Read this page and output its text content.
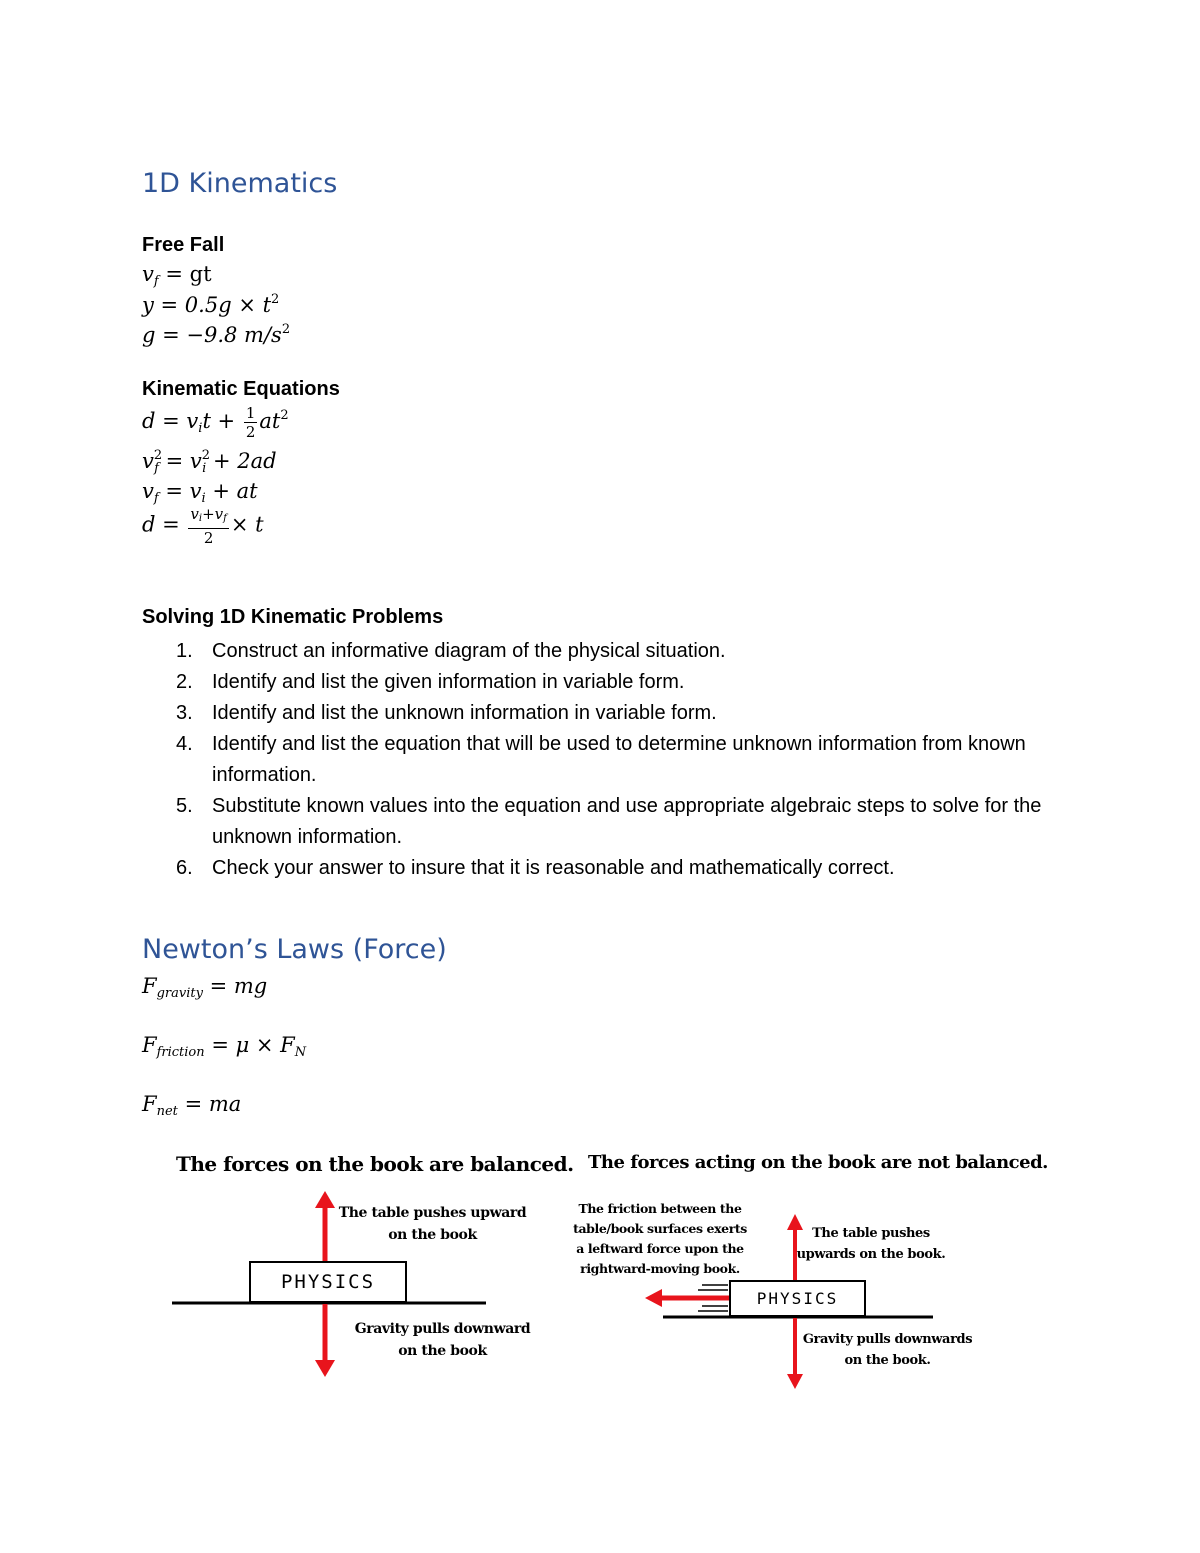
1D Kinematics
Free Fall
$v_f$ = gt
$y = 0.5g \times t^2$
g = −9.8 $m/s^2$
Kinematic Equations
$d = v_it + \frac{1}{2} at^2$
$v^2_f = v^2_i + 2ad$
$v_f = v_i$ + at
$d = \frac{v_i+v_f}{2} \times t$
Solving 1D Kinematic Problems
1. Construct an informative diagram of the physical situation.
2. Identify and list the given information in variable form.
3. Identify and list the unknown information in variable form.
4. Identify and list the equation that will be used to determine unknown information from known information.
5. Substitute known values into the equation and use appropriate algebraic steps to solve for the unknown information.
6. Check your answer to insure that it is reasonable and mathematically correct.
Newton’s Laws (Force)
$F_{gravity}$ = mg
$F_{friction} = \mu \times F_N$
$F_{net}$ = ma
The forces on the book are balanced.
PHYSICS
The table pushes upward
on the book
Gravity pulls downward
on the book
The forces acting on the book are not balanced.
PHYSICS
The friction between the
table/book surfaces exerts
a leftward force upon the
rightward-moving book.
The table pushes
upwards on the book.
Gravity pulls downwards
on the book.
